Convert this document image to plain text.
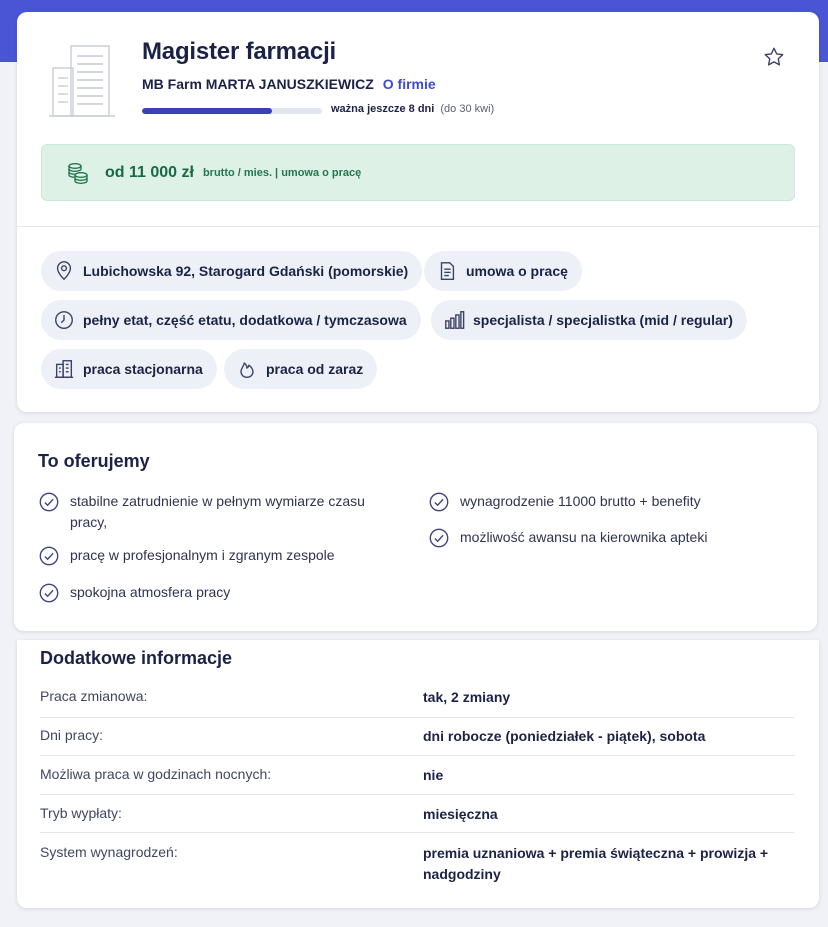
Magister farmacji
MB Farm MARTA JANUSZKIEWICZ O firmie
ważna jeszcze 8 dni (do 30 kwi)
od 11 000 zł brutto / mies. | umowa o pracę
Lubichowska 92, Starogard Gdański (pomorskie)	umowa o pracę
pełny etat, część etatu, dodatkowa / tymczasowa	specjalista / specjalistka (mid / regular)
praca stacjonarna	praca od zaraz
To oferujemy
stabilne zatrudnienie w pełnym wymiarze czasu pracy,
pracę w profesjonalnym i zgranym zespole
spokojna atmosfera pracy
wynagrodzenie 11000 brutto + benefity
możliwość awansu na kierownika apteki
Dodatkowe informacje
Praca zmianowa:	tak, 2 zmiany
Dni pracy:	dni robocze (poniedziałek - piątek), sobota
Możliwa praca w godzinach nocnych:	nie
Tryb wypłaty:	miesięczna
System wynagrodzeń:	premia uznaniowa + premia świąteczna + prowizja + nadgodziny
